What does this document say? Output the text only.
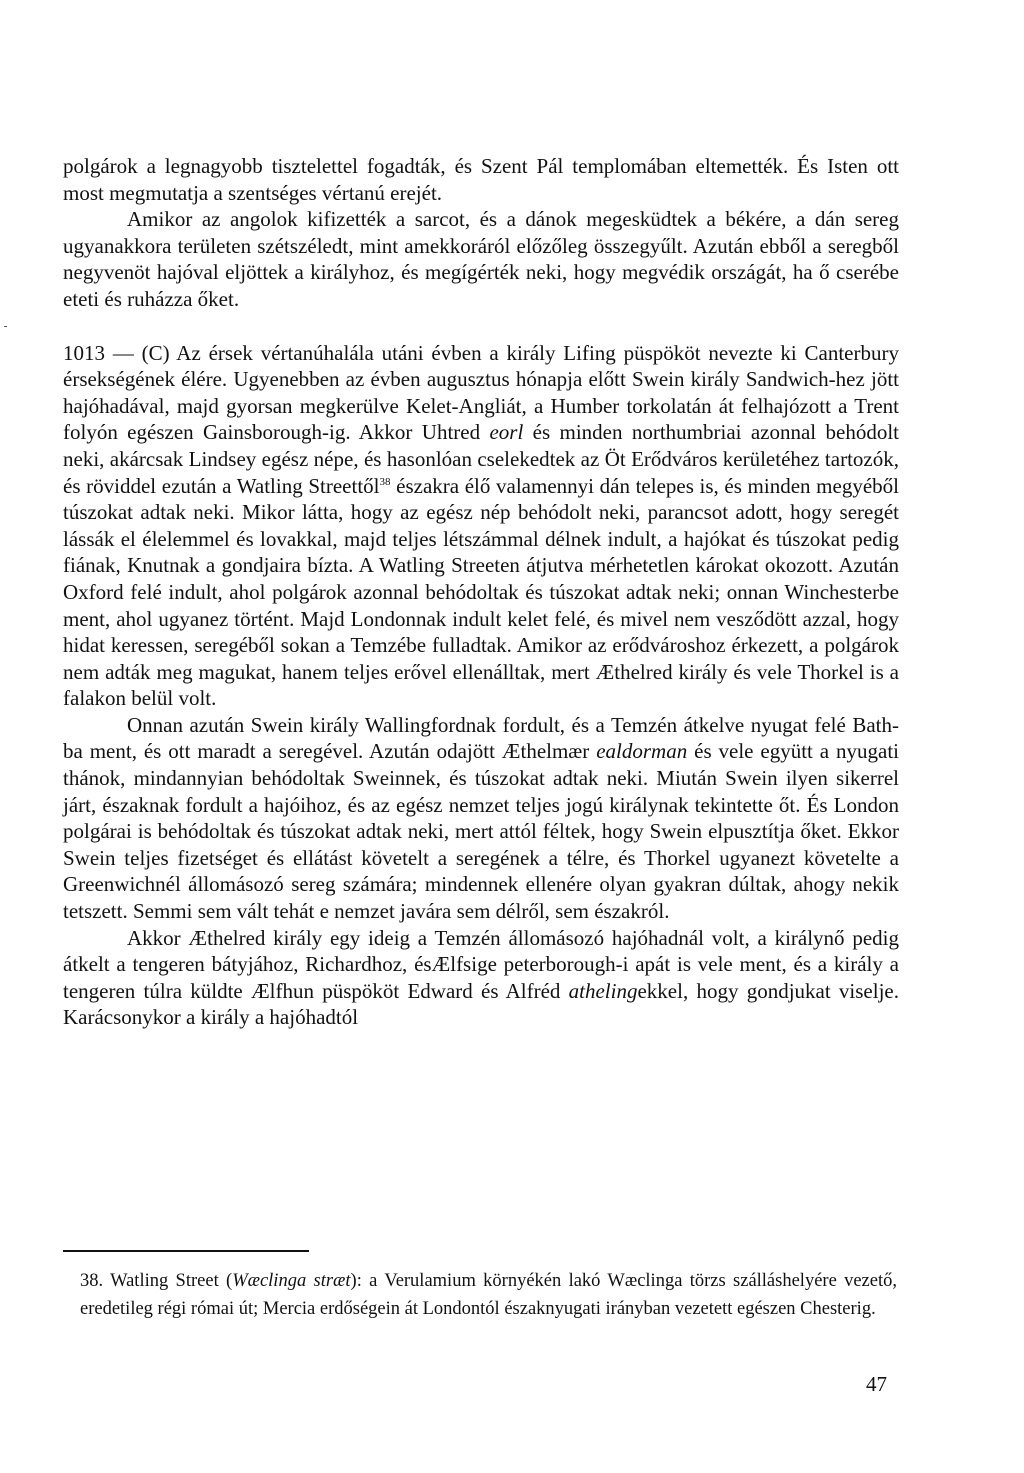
polgárok a legnagyobb tisztelettel fogadták, és Szent Pál templomában eltemették. És Isten ott most megmutatja a szentséges vértanú erejét.

Amikor az angolok kifizették a sarcot, és a dánok megesküdtek a békére, a dán sereg ugyanakkora területen szétszéledt, mint amekkoráról előzőleg összegyűlt. Azután ebből a seregből negyvenöt hajóval eljöttek a királyhoz, és megígérték neki, hogy megvédik országát, ha ő cserébe eteti és ruházza őket.

1013 — (C) Az érsek vértanúhalála utáni évben a király Lifing püspököt nevezte ki Canterbury érsekségének élére. Ugyenebben az évben augusztus hónapja előtt Swein király Sandwich-hez jött hajóhadával, majd gyorsan megkerülve Kelet-Angliát, a Humber torkolatán át felhajózott a Trent folyón egészen Gainsborough-ig. Akkor Uhtred eorl és minden northumbriai azonnal behódolt neki, akárcsak Lindsey egész népe, és hasonlóan cselekedtek az Öt Erődváros kerületéhez tartozók, és röviddel ezután a Watling Streettől$^{38}$ északra élő valamennyi dán telepes is, és minden megyéből túszokat adtak neki. Mikor látta, hogy az egész nép behódolt neki, parancsot adott, hogy seregét lássák el élelemmel és lovakkal, majd teljes létszámmal délnek indult, a hajókat és túszokat pedig fiának, Knutnak a gondjaira bízta. A Watling Streeten átjutva mérhetetlen károkat okozott. Azután Oxford felé indult, ahol polgárok azonnal behódoltak és túszokat adtak neki; onnan Winchesterbe ment, ahol ugyanez történt. Majd Londonnak indult kelet felé, és mivel nem vesződött azzal, hogy hidat keressen, seregéből sokan a Temzébe fulladtak. Amikor az erődvároshoz érkezett, a polgárok nem adták meg magukat, hanem teljes erővel ellenálltak, mert Æthelred király és vele Thorkel is a falakon belül volt.

Onnan azután Swein király Wallingfordnak fordult, és a Temzén átkelve nyugat felé Bath-ba ment, és ott maradt a seregével. Azután odajött Æthelmær ealdorman és vele együtt a nyugati thánok, mindannyian behódoltak Sweinnek, és túszokat adtak neki. Miután Swein ilyen sikerrel járt, északnak fordult a hajóihoz, és az egész nemzet teljes jogú királynak tekintette őt. És London polgárai is behódoltak és túszokat adtak neki, mert attól féltek, hogy Swein elpusztítja őket. Ekkor Swein teljes fizetséget és ellátást követelt a seregének a télre, és Thorkel ugyanezt követelte a Greenwichnél állomásozó sereg számára; mindennek ellenére olyan gyakran dúltak, ahogy nekik tetszett. Semmi sem vált tehát e nemzet javára sem délről, sem északról.

Akkor Æthelred király egy ideig a Temzén állomásozó hajóhadnál volt, a királynő pedig átkelt a tengeren bátyjához, Richardhoz, ésÆlfsige peterborough-i apát is vele ment, és a király a tengeren túlra küldte Ælfhun püspököt Edward és Alfréd athelingekkel, hogy gondjukat viselje. Karácsonykor a király a hajóhadtól

38. Watling Street (Wæclinga stræt): a Verulamium környékén lakó Wæclinga törzs szálláshelyére vezető, eredetileg régi római út; Mercia erdőségein át Londontól északnyugati irányban vezetett egészen Chesterig.
47
